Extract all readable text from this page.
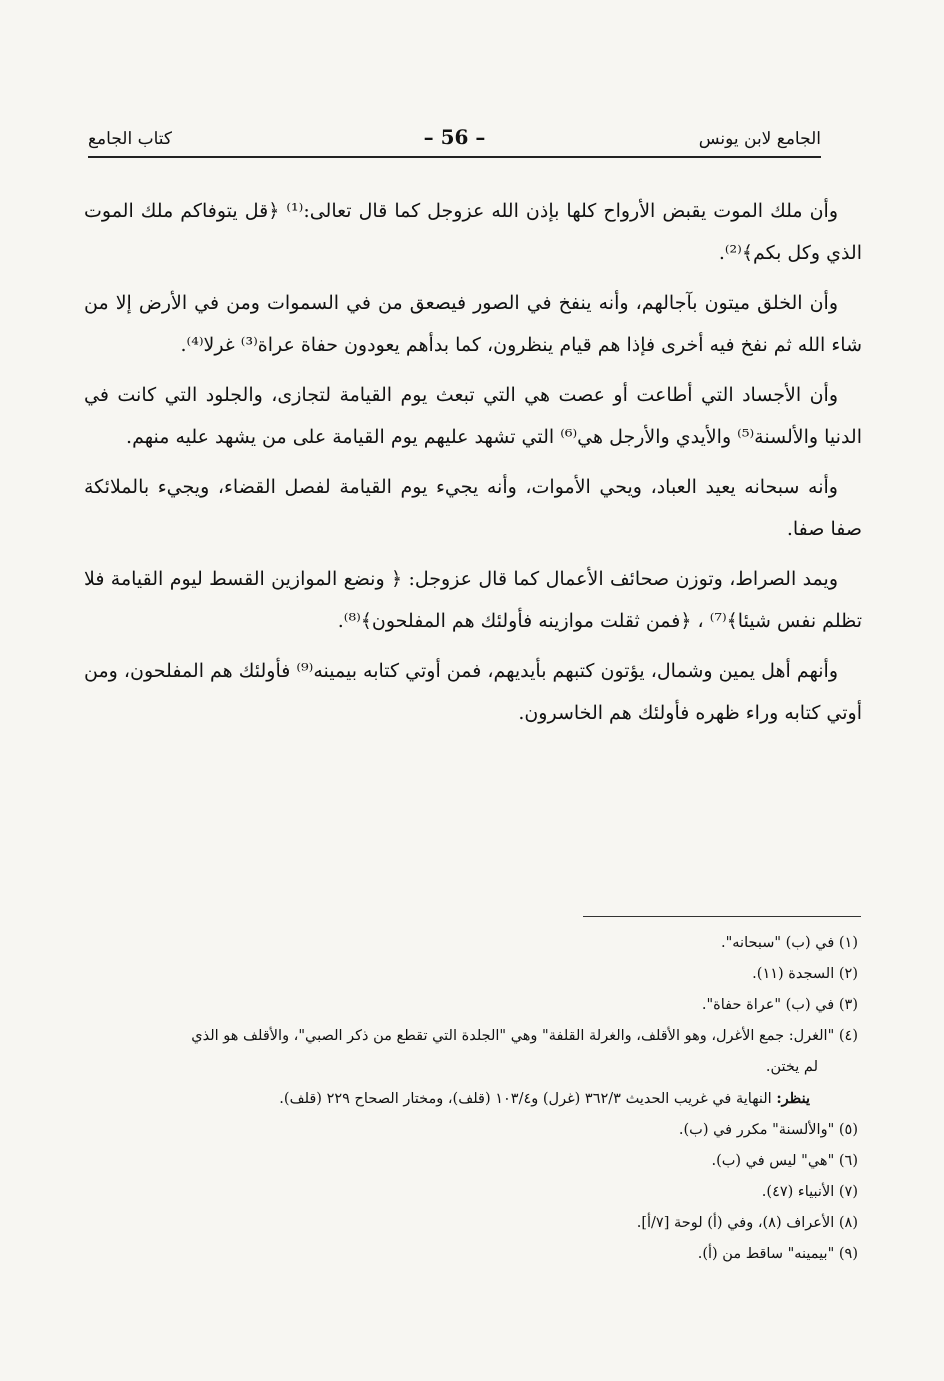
الجامع لابن يونس
– 56 –
كتاب الجامع

وأن ملك الموت يقبض الأرواح كلها بإذن الله عزوجل كما قال تعالى:⁽¹⁾ ﴿قل يتوفاكم ملك الموت الذي وكل بكم﴾⁽²⁾.

وأن الخلق ميتون بآجالهم، وأنه ينفخ في الصور فيصعق من في السموات ومن في الأرض إلا من شاء الله ثم نفخ فيه أخرى فإذا هم قيام ينظرون، كما بدأهم يعودون حفاة عراة⁽³⁾ غرلا⁽⁴⁾.

وأن الأجساد التي أطاعت أو عصت هي التي تبعث يوم القيامة لتجازى، والجلود التي كانت في الدنيا والألسنة⁽⁵⁾ والأيدي والأرجل هي⁽⁶⁾ التي تشهد عليهم يوم القيامة على من يشهد عليه منهم.

وأنه سبحانه يعيد العباد، ويحي الأموات، وأنه يجيء يوم القيامة لفصل القضاء، ويجيء بالملائكة صفا صفا.

ويمد الصراط، وتوزن صحائف الأعمال كما قال عزوجل: ﴿ ونضع الموازين القسط ليوم القيامة فلا تظلم نفس شيئا﴾⁽⁷⁾ ، ﴿فمن ثقلت موازينه فأولئك هم المفلحون﴾⁽⁸⁾.

وأنهم أهل يمين وشمال، يؤتون كتبهم بأيديهم، فمن أوتي كتابه بيمينه⁽⁹⁾ فأولئك هم المفلحون، ومن أوتي كتابه وراء ظهره فأولئك هم الخاسرون.

(١) في (ب) "سبحانه".

(٢) السجدة (١١).

(٣) في (ب) "عراة حفاة".

(٤) "الغرل: جمع الأغرل، وهو الأقلف، والغرلة القلفة" وهي "الجلدة التي تقطع من ذكر الصبي"، والأقلف هو الذي
لم يختن.

ينظر: النهاية في غريب الحديث ٣٦٢/٣ (غرل) و١٠٣/٤ (قلف)، ومختار الصحاح ٢٢٩ (قلف).

(٥) "والألسنة" مكرر في (ب).

(٦) "هي" ليس في (ب).

(٧) الأنبياء (٤٧).

(٨) الأعراف (٨)، وفي (أ) لوحة [٧/أ].

(٩) "بيمينه" ساقط من (أ).
